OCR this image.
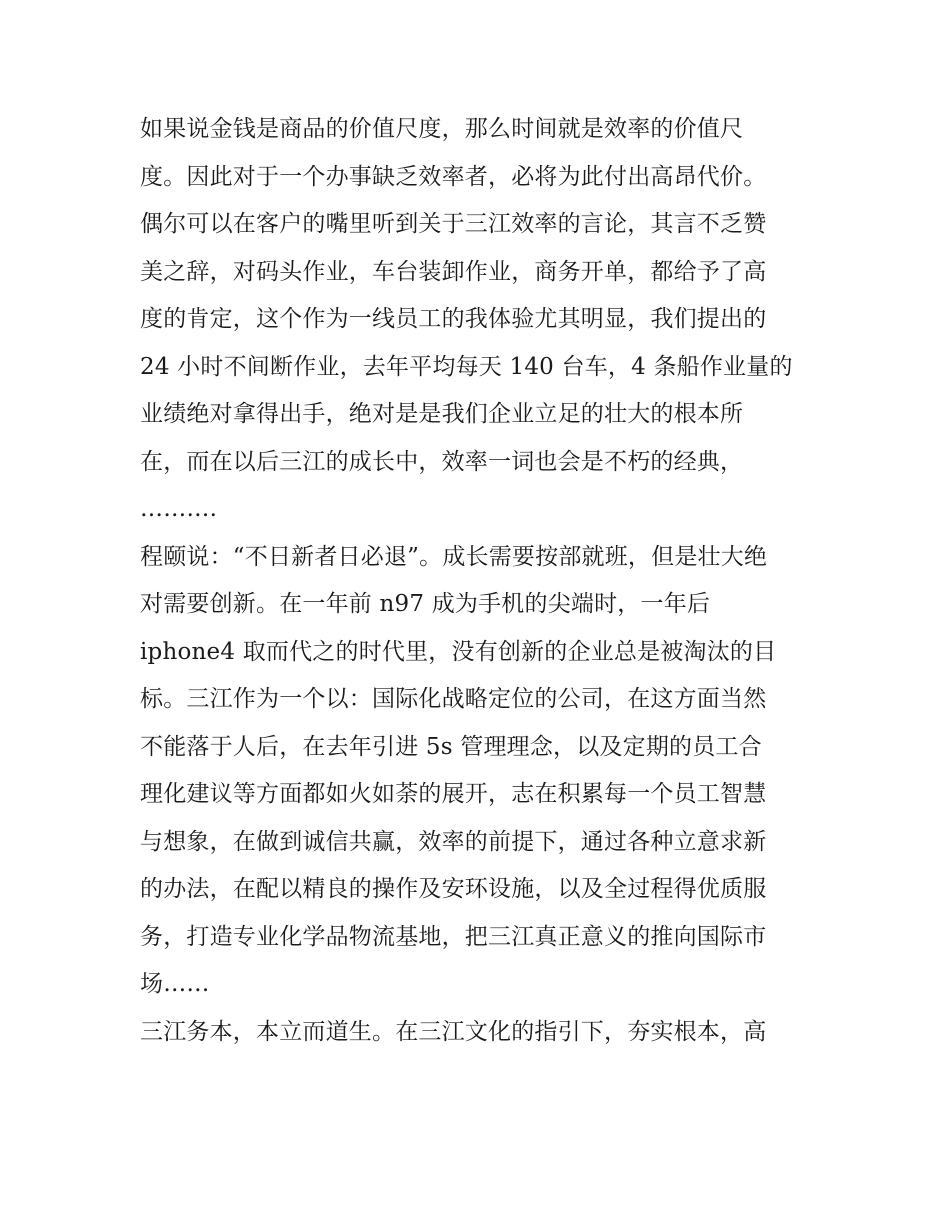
如果说金钱是商品的价值尺度，那么时间就是效率的价值尺
度。因此对于一个办事缺乏效率者，必将为此付出高昂代价。
偶尔可以在客户的嘴里听到关于三江效率的言论，其言不乏赞
美之辞，对码头作业，车台装卸作业，商务开单，都给予了高
度的肯定，这个作为一线员工的我体验尤其明显，我们提出的
24 小时不间断作业，去年平均每天 140 台车，4 条船作业量的
业绩绝对拿得出手，绝对是是我们企业立足的壮大的根本所
在，而在以后三江的成长中，效率一词也会是不朽的经典，
……….
程颐说：“不日新者日必退”。成长需要按部就班，但是壮大绝
对需要创新。在一年前 n97 成为手机的尖端时，一年后
iphone4 取而代之的时代里，没有创新的企业总是被淘汰的目
标。三江作为一个以：国际化战略定位的公司，在这方面当然
不能落于人后，在去年引进 5s 管理理念，以及定期的员工合
理化建议等方面都如火如荼的展开，志在积累每一个员工智慧
与想象，在做到诚信共赢，效率的前提下，通过各种立意求新
的办法，在配以精良的操作及安环设施，以及全过程得优质服
务，打造专业化学品物流基地，把三江真正意义的推向国际市
场……
三江务本，本立而道生。在三江文化的指引下，夯实根本，高
